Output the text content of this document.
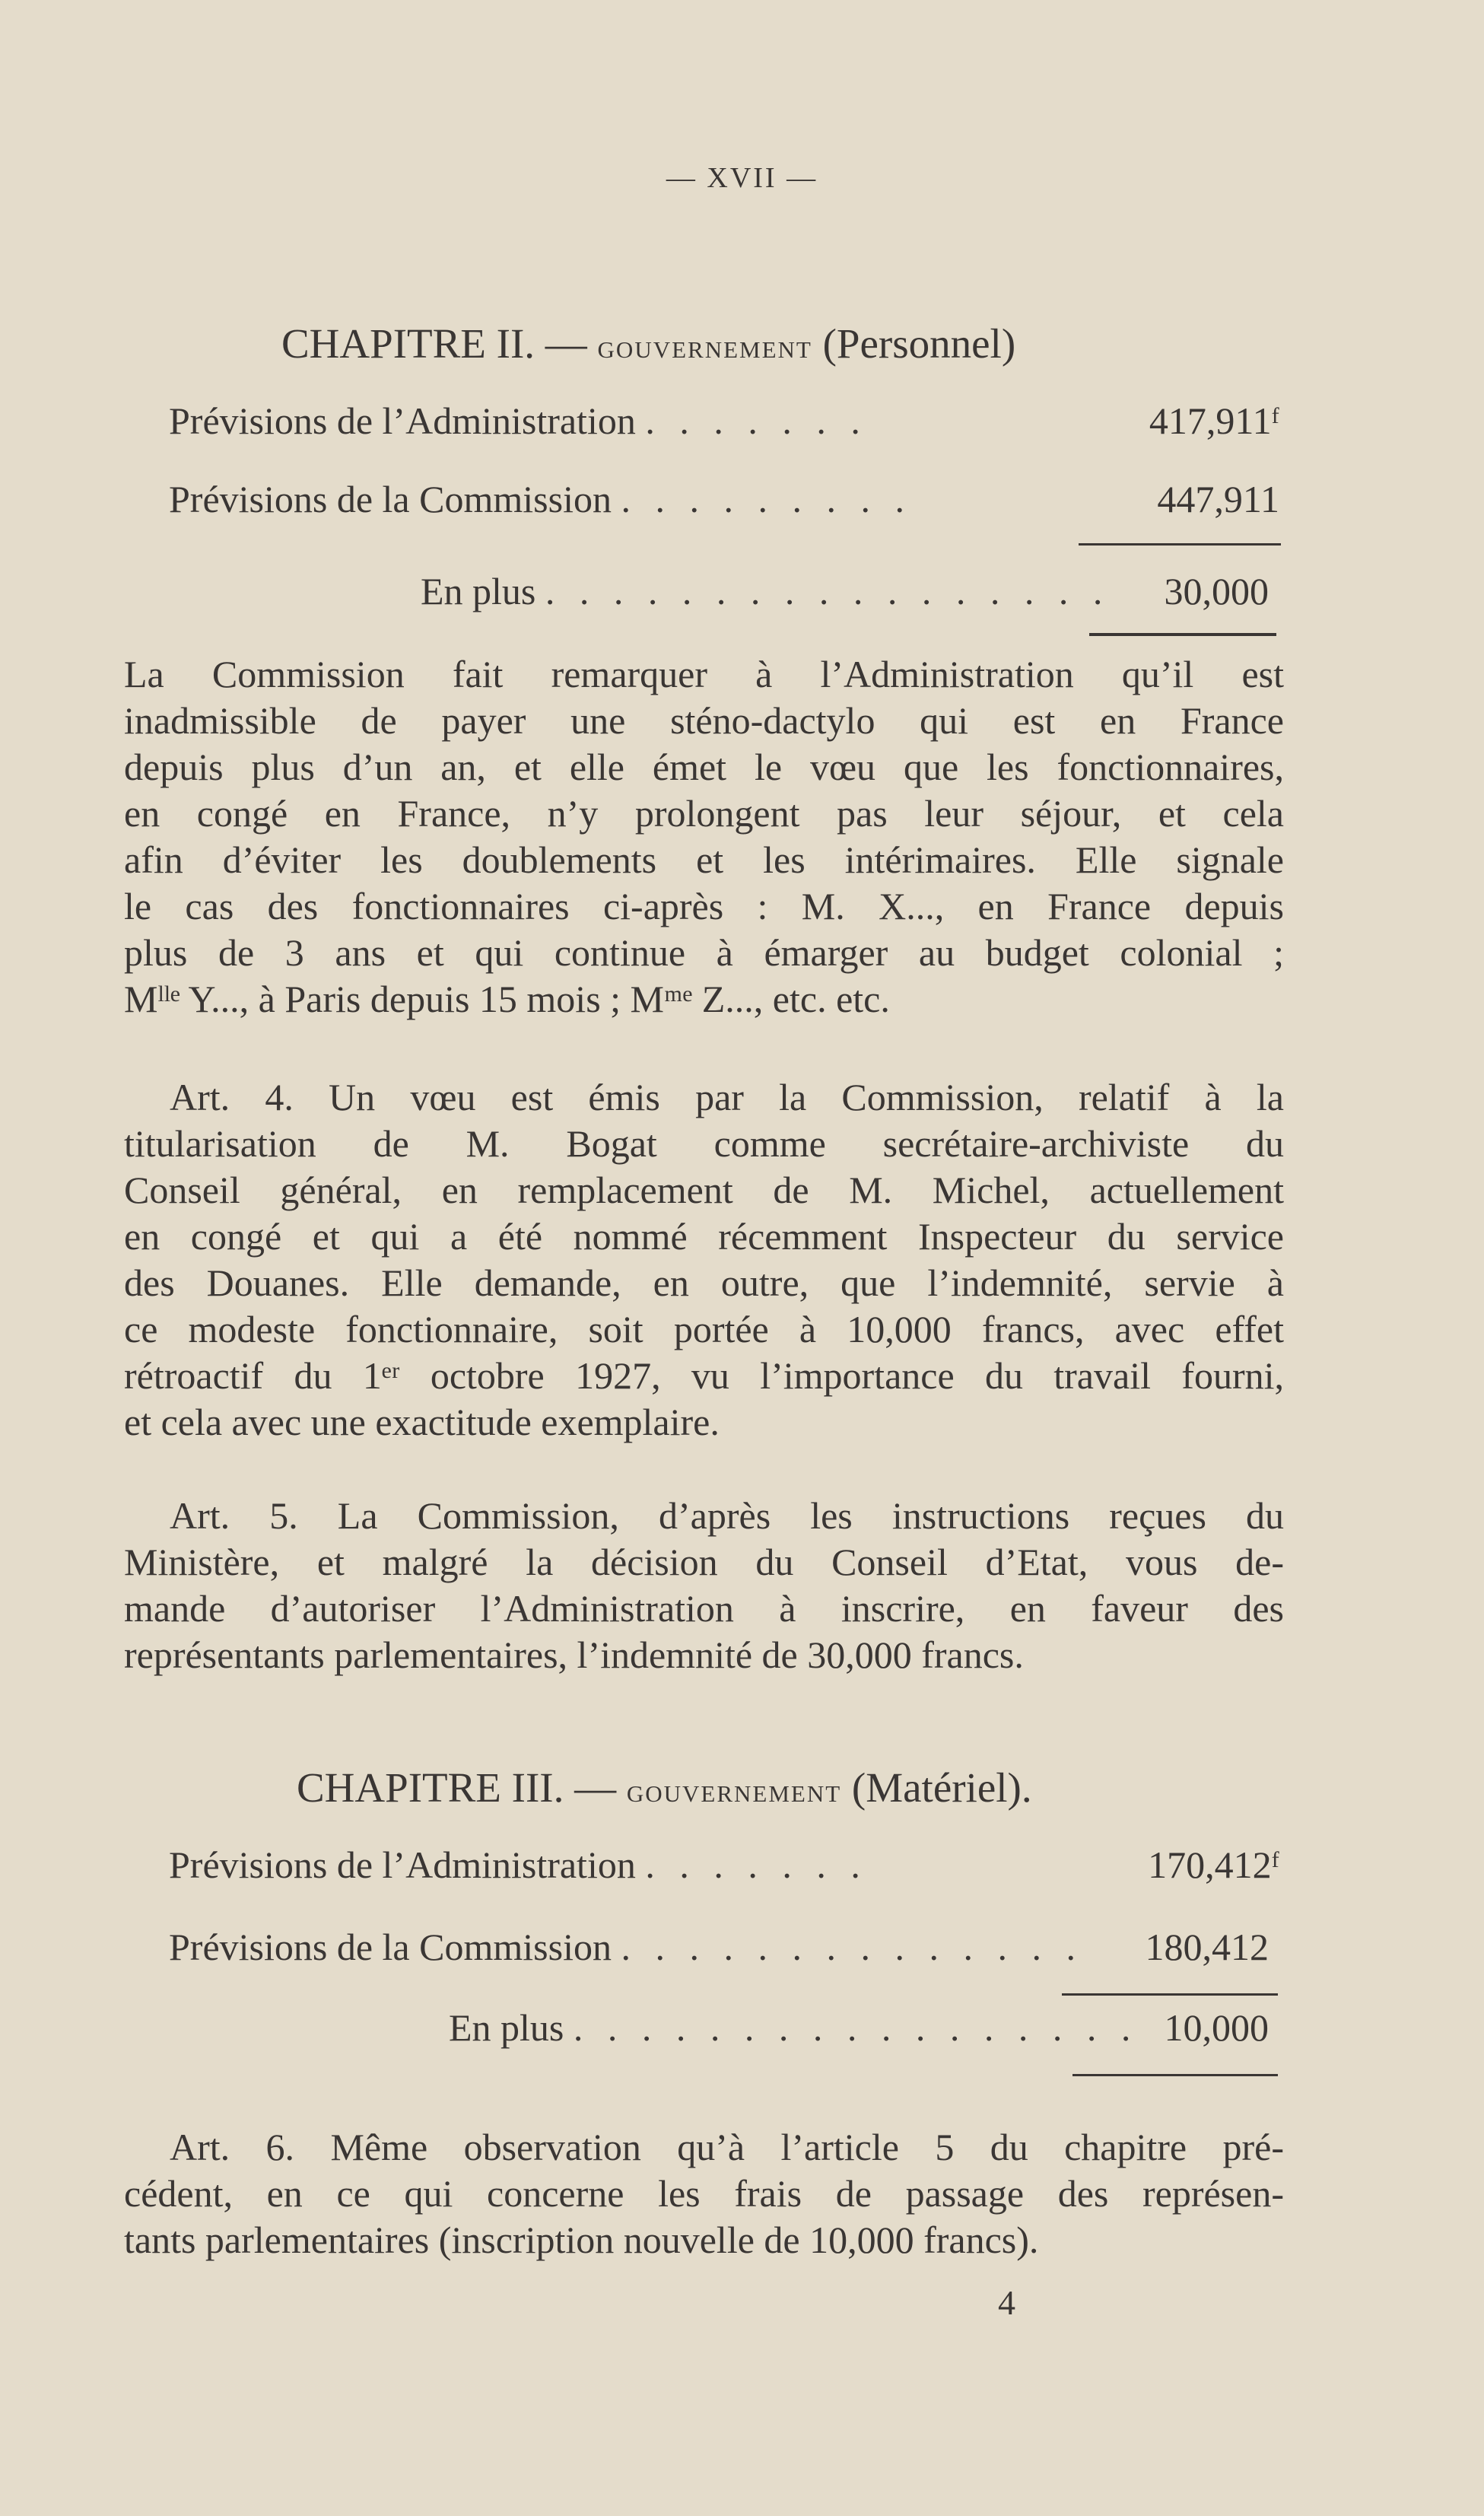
— XVII —
CHAPITRE II. — gouvernement (Personnel)
Prévisions de l’Administration . . . . . . .	417,911ᶠ
Prévisions de la Commission . . . . . . . . .	447,911
En plus . . . . . . . . . . . . . . . . .	30,000
La Commission fait remarquer à l’Administration qu’il est
inadmissible de payer une sténo-dactylo qui est en France
depuis plus d’un an, et elle émet le vœu que les fonctionnaires,
en congé en France, n’y prolongent pas leur séjour, et cela
afin d’éviter les doublements et les intérimaires. Elle signale
le cas des fonctionnaires ci-après : M. X..., en France depuis
plus de 3 ans et qui continue à émarger au budget colonial ;
Mˡˡᵉ Y..., à Paris depuis 15 mois ; Mᵐᵉ Z..., etc. etc.
Art. 4. Un vœu est émis par la Commission, relatif à la
titularisation de M. Bogat comme secrétaire-archiviste du
Conseil général, en remplacement de M. Michel, actuellement
en congé et qui a été nommé récemment Inspecteur du service
des Douanes. Elle demande, en outre, que l’indemnité, servie à
ce modeste fonctionnaire, soit portée à 10,000 francs, avec effet
rétroactif du 1ᵉʳ octobre 1927, vu l’importance du travail fourni,
et cela avec une exactitude exemplaire.
Art. 5. La Commission, d’après les instructions reçues du
Ministère, et malgré la décision du Conseil d’Etat, vous de-
mande d’autoriser l’Administration à inscrire, en faveur des
représentants parlementaires, l’indemnité de 30,000 francs.
CHAPITRE III. — gouvernement (Matériel).
Prévisions de l’Administration . . . . . . .	170,412ᶠ
Prévisions de la Commission . . . . . . . . . . . . . .	180,412
En plus . . . . . . . . . . . . . . . . . 10,000
Art. 6. Même observation qu’à l’article 5 du chapitre pré-
cédent, en ce qui concerne les frais de passage des représen-
tants parlementaires (inscription nouvelle de 10,000 francs).
4
